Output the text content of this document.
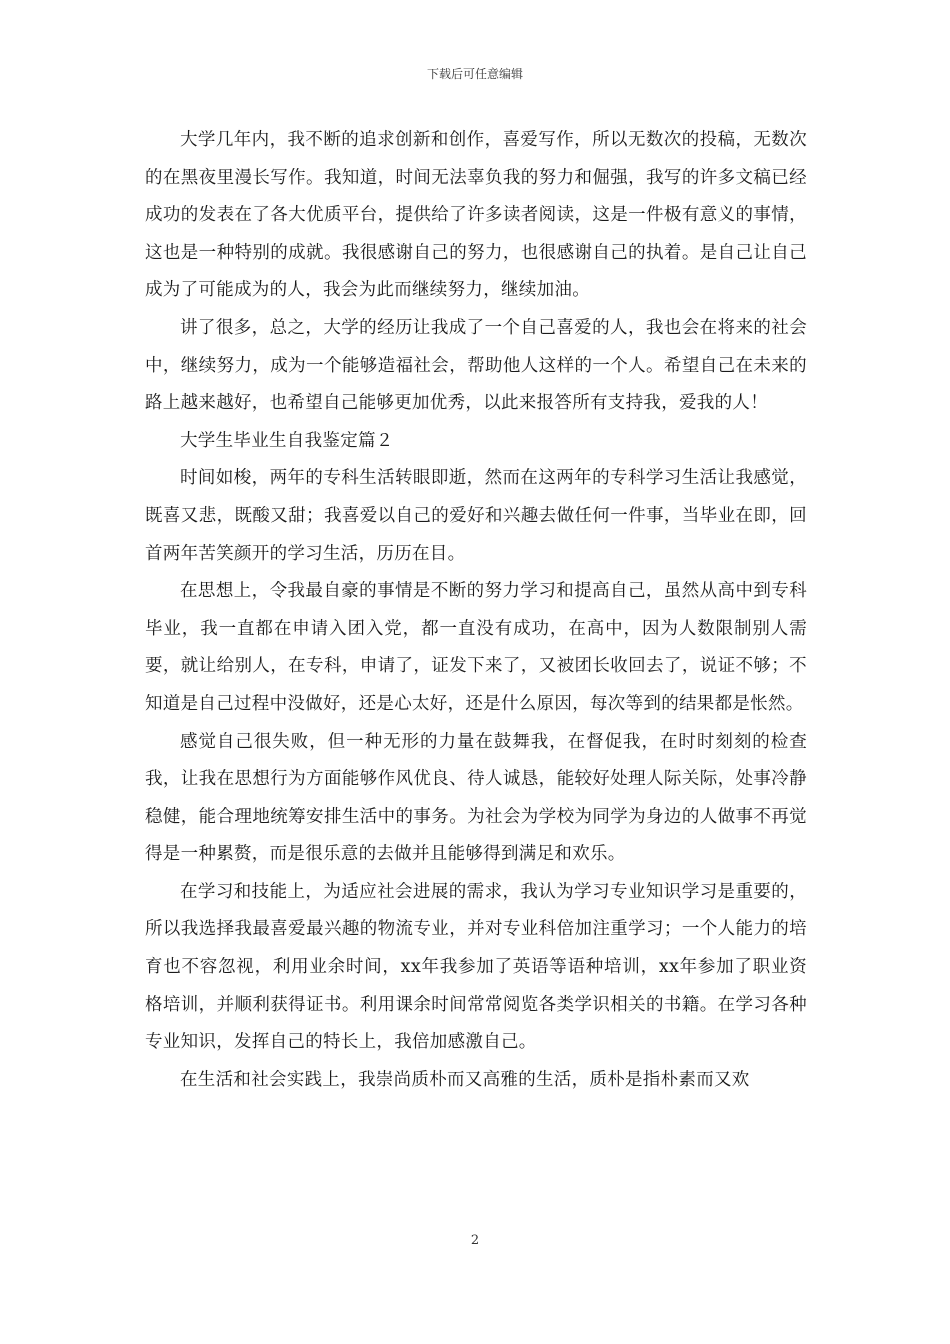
下载后可任意编辑

大学几年内，我不断的追求创新和创作，喜爱写作，所以无数次的投稿，无数次的在黑夜里漫长写作。我知道，时间无法辜负我的努力和倔强，我写的许多文稿已经成功的发表在了各大优质平台，提供给了许多读者阅读，这是一件极有意义的事情，这也是一种特别的成就。我很感谢自己的努力，也很感谢自己的执着。是自己让自己成为了可能成为的人，我会为此而继续努力，继续加油。

讲了很多，总之，大学的经历让我成了一个自己喜爱的人，我也会在将来的社会中，继续努力，成为一个能够造福社会，帮助他人这样的一个人。希望自己在未来的路上越来越好，也希望自己能够更加优秀，以此来报答所有支持我，爱我的人！

大学生毕业生自我鉴定篇２

时间如梭，两年的专科生活转眼即逝，然而在这两年的专科学习生活让我感觉，既喜又悲，既酸又甜；我喜爱以自己的爱好和兴趣去做任何一件事，当毕业在即，回首两年苦笑颜开的学习生活，历历在目。

在思想上，令我最自豪的事情是不断的努力学习和提高自己，虽然从高中到专科毕业，我一直都在申请入团入党，都一直没有成功，在高中，因为人数限制别人需要，就让给别人，在专科，申请了，证发下来了，又被团长收回去了，说证不够；不知道是自己过程中没做好，还是心太好，还是什么原因，每次等到的结果都是怅然。

感觉自己很失败，但一种无形的力量在鼓舞我，在督促我，在时时刻刻的检查我，让我在思想行为方面能够作风优良、待人诚恳，能较好处理人际关际，处事冷静稳健，能合理地统筹安排生活中的事务。为社会为学校为同学为身边的人做事不再觉得是一种累赘，而是很乐意的去做并且能够得到满足和欢乐。

在学习和技能上，为适应社会进展的需求，我认为学习专业知识学习是重要的，所以我选择我最喜爱最兴趣的物流专业，并对专业科倍加注重学习；一个人能力的培育也不容忽视，利用业余时间，xx年我参加了英语等语种培训，xx年参加了职业资格培训，并顺利获得证书。利用课余时间常常阅览各类学识相关的书籍。在学习各种专业知识，发挥自己的特长上，我倍加感激自己。

在生活和社会实践上，我崇尚质朴而又高雅的生活，质朴是指朴素而又欢

2
